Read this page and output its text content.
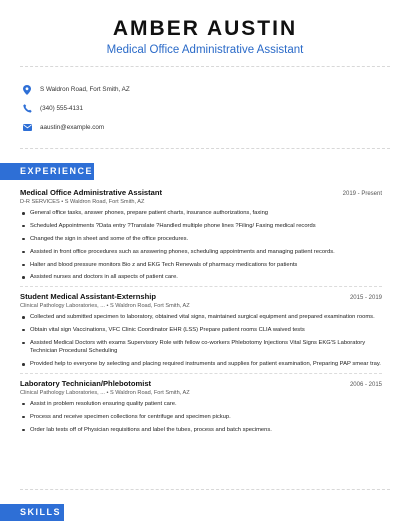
AMBER AUSTIN
Medical Office Administrative Assistant
S Waldron Road, Fort Smith, AZ
(340) 555-4131
aaustin@example.com
EXPERIENCE
Medical Office Administrative Assistant	2019 - Present
D-R SERVICES • S Waldron Road, Fort Smith, AZ
General office tasks, answer phones, prepare patient charts, insurance authorizations, faxing
Scheduled Appointments ?Data entry ?Translate ?Handled multiple phone lines ?Filing/ Faxing medical records
Changed the sign in sheet and some of the office procedures.
Assisted in front office procedures such as answering phones, scheduling appointments and managing patient records.
Halter and blood pressure monitors Bio z and EKG Tech Renewals of pharmacy medications for patients
Assisted nurses and doctors in all aspects of patient care.
Student Medical Assistant-Externship	2015 - 2019
Clinical Pathology Laboratories, ... • S Waldron Road, Fort Smith, AZ
Collected and submitted specimen to laboratory, obtained vital signs, maintained surgical equipment and prepared examination rooms.
Obtain vital sign Vaccinations, VFC Clinic Coordinator EHR (LSS) Prepare patient rooms CLIA waived tests
Assisted Medical Doctors with exams Supervisory Role with fellow co-workers Phlebotomy Injections Vital Signs EKG'S Laboratory Technician Procedural Scheduling
Provided help to everyone by selecting and placing required instruments and supplies for patient examination, Preparing PAP smear tray.
Laboratory Technician/Phlebotomist	2006 - 2015
Clinical Pathology Laboratories, ... • S Waldron Road, Fort Smith, AZ
Assist in problem resolution ensuring quality patient care.
Process and receive specimen collections for centrifuge and specimen pickup.
Order lab tests off of Physician requisitions and label the tubes, process and batch specimens.
SKILLS
